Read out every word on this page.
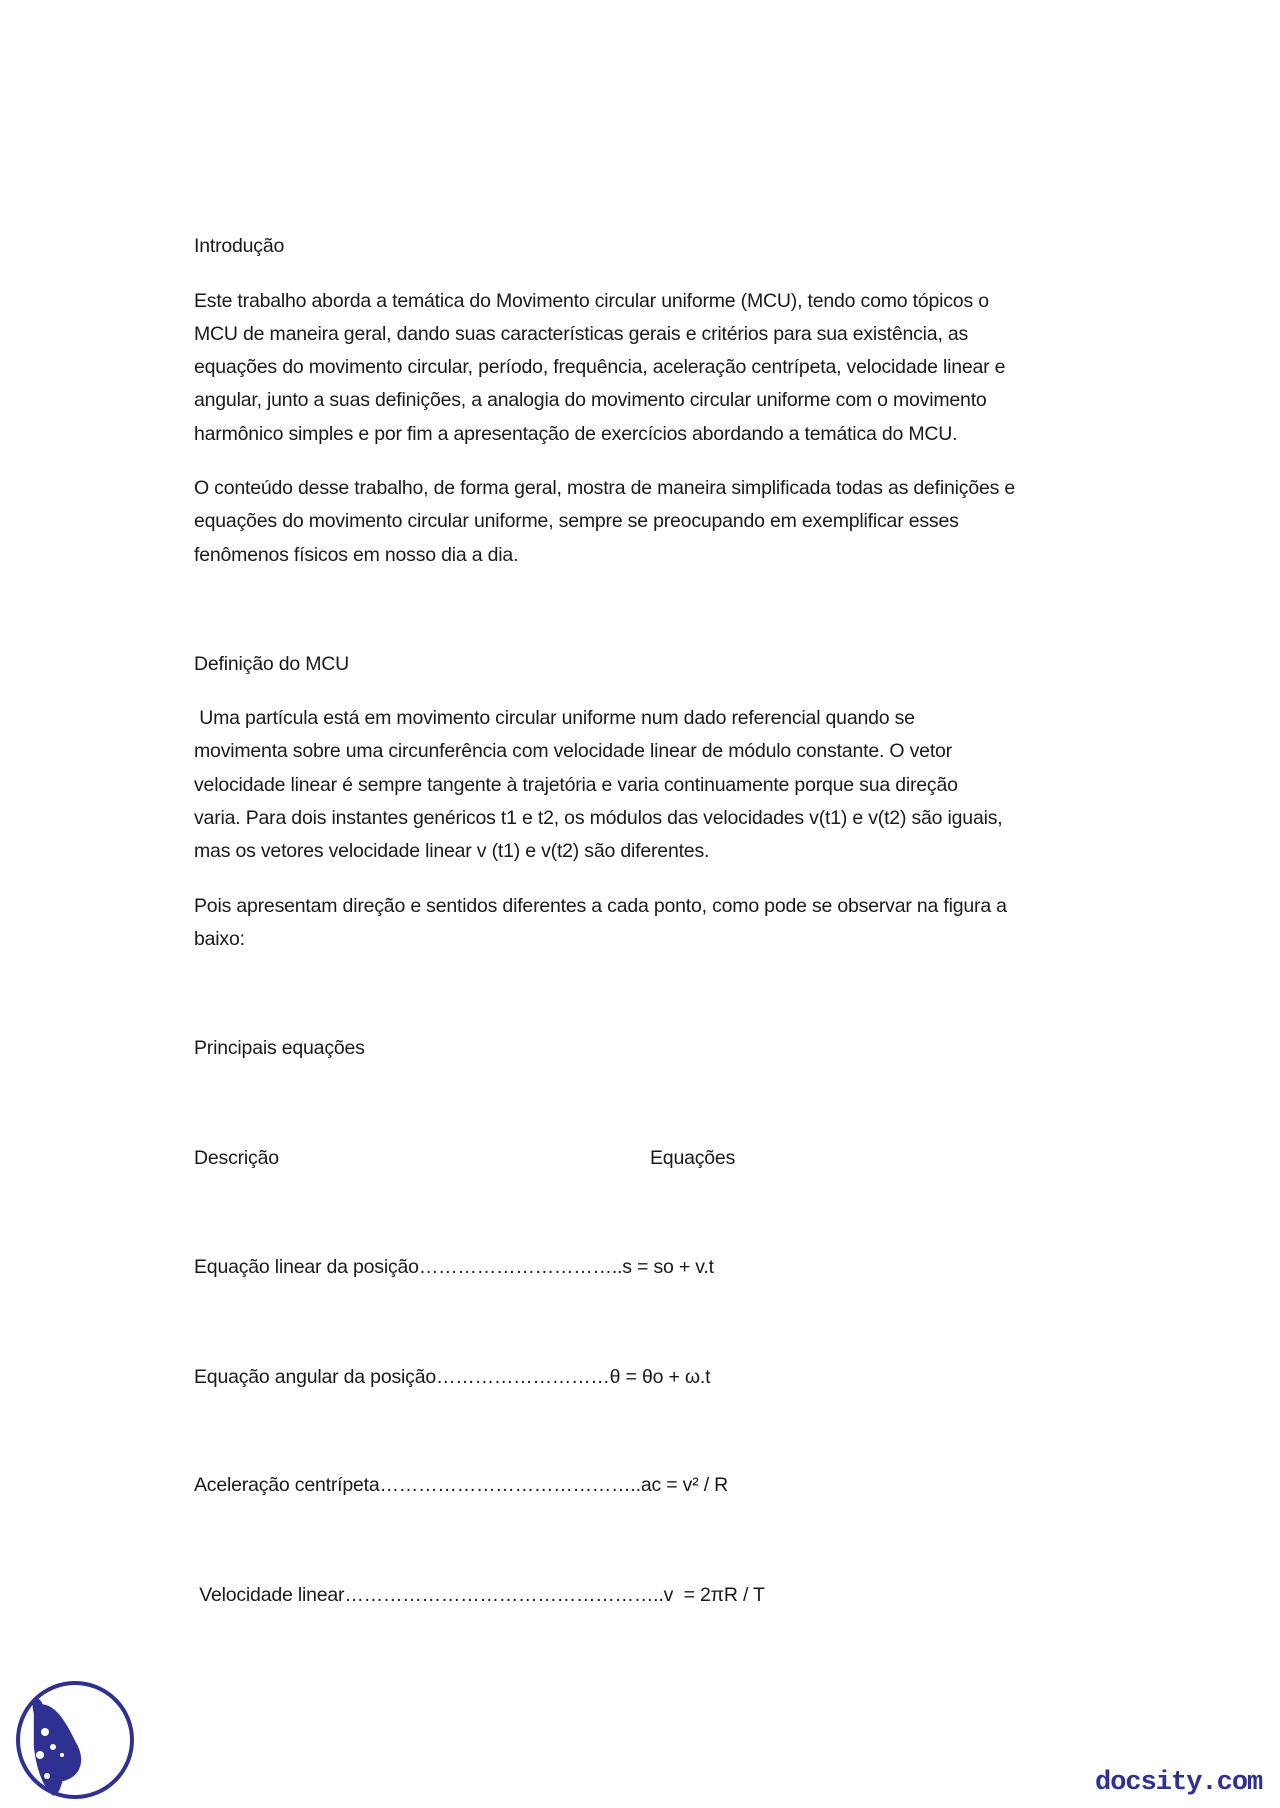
Introdução
Este trabalho aborda a temática do Movimento circular uniforme (MCU), tendo como tópicos o
MCU de maneira geral, dando suas características gerais e critérios para sua existência, as
equações do movimento circular, período, frequência, aceleração centrípeta, velocidade linear e
angular, junto a suas definições, a analogia do movimento circular uniforme com o movimento
harmônico simples e por fim a apresentação de exercícios abordando a temática do MCU.
O conteúdo desse trabalho, de forma geral, mostra de maneira simplificada todas as definições e
equações do movimento circular uniforme, sempre se preocupando em exemplificar esses
fenômenos físicos em nosso dia a dia.
Definição do MCU
Uma partícula está em movimento circular uniforme num dado referencial quando se
movimenta sobre uma circunferência com velocidade linear de módulo constante. O vetor
velocidade linear é sempre tangente à trajetória e varia continuamente porque sua direção
varia. Para dois instantes genéricos t1 e t2, os módulos das velocidades v(t1) e v(t2) são iguais,
mas os vetores velocidade linear v (t1) e v(t2) são diferentes.
Pois apresentam direção e sentidos diferentes a cada ponto, como pode se observar na figura a
baixo:
Principais equações
Descrição	Equações
Equação linear da posição…………………………..s = so + v.t
Equação angular da posição………………………θ = θo + ω.t
Aceleração centrípeta…………………………………..ac = v² / R
Velocidade linear…………………………………………..v  = 2πR / T
docsity.com
